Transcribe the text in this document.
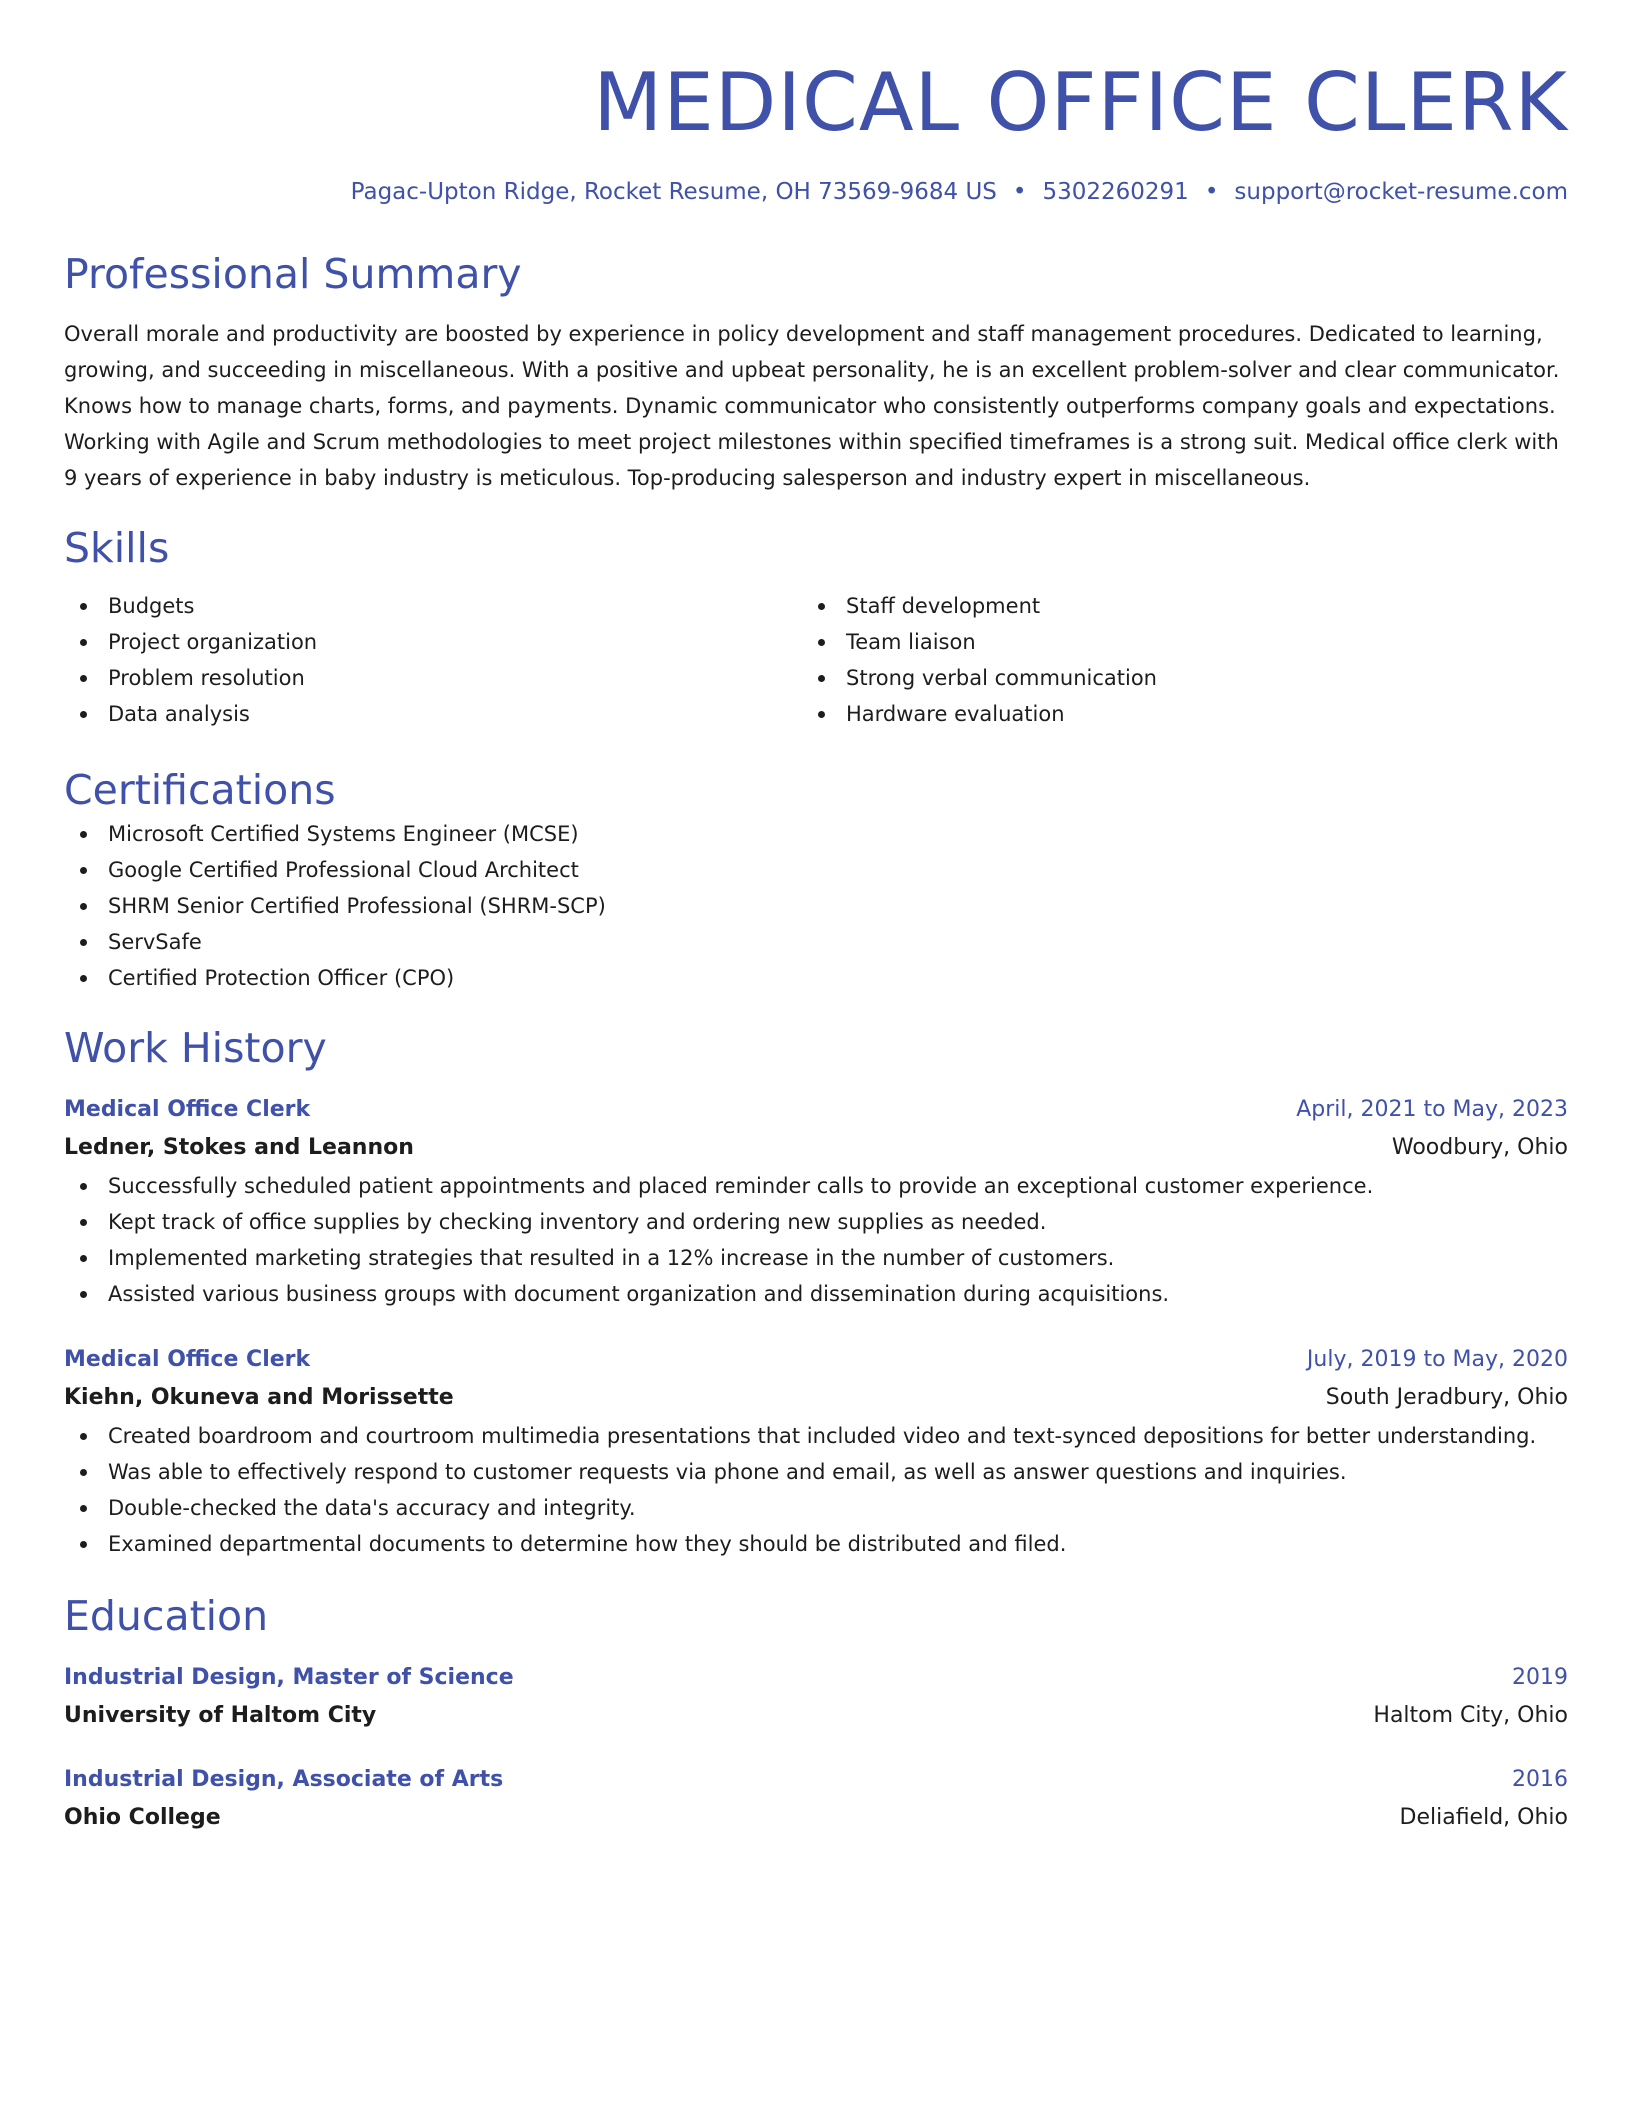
MEDICAL OFFICE CLERK
Pagac-Upton Ridge, Rocket Resume, OH 73569-9684 US • 5302260291 • support@rocket-resume.com
Professional Summary
Overall morale and productivity are boosted by experience in policy development and staff management procedures. Dedicated to learning, growing, and succeeding in miscellaneous. With a positive and upbeat personality, he is an excellent problem-solver and clear communicator. Knows how to manage charts, forms, and payments. Dynamic communicator who consistently outperforms company goals and expectations. Working with Agile and Scrum methodologies to meet project milestones within specified timeframes is a strong suit. Medical office clerk with 9 years of experience in baby industry is meticulous. Top-producing salesperson and industry expert in miscellaneous.
Skills
Budgets
Project organization
Problem resolution
Data analysis
Staff development
Team liaison
Strong verbal communication
Hardware evaluation
Certifications
Microsoft Certified Systems Engineer (MCSE)
Google Certified Professional Cloud Architect
SHRM Senior Certified Professional (SHRM-SCP)
ServSafe
Certified Protection Officer (CPO)
Work History
Medical Office Clerk	April, 2021 to May, 2023
Ledner, Stokes and Leannon	Woodbury, Ohio
Successfully scheduled patient appointments and placed reminder calls to provide an exceptional customer experience.
Kept track of office supplies by checking inventory and ordering new supplies as needed.
Implemented marketing strategies that resulted in a 12% increase in the number of customers.
Assisted various business groups with document organization and dissemination during acquisitions.
Medical Office Clerk	July, 2019 to May, 2020
Kiehn, Okuneva and Morissette	South Jeradbury, Ohio
Created boardroom and courtroom multimedia presentations that included video and text-synced depositions for better understanding.
Was able to effectively respond to customer requests via phone and email, as well as answer questions and inquiries.
Double-checked the data's accuracy and integrity.
Examined departmental documents to determine how they should be distributed and filed.
Education
Industrial Design, Master of Science	2019
University of Haltom City	Haltom City, Ohio
Industrial Design, Associate of Arts	2016
Ohio College	Deliafield, Ohio
